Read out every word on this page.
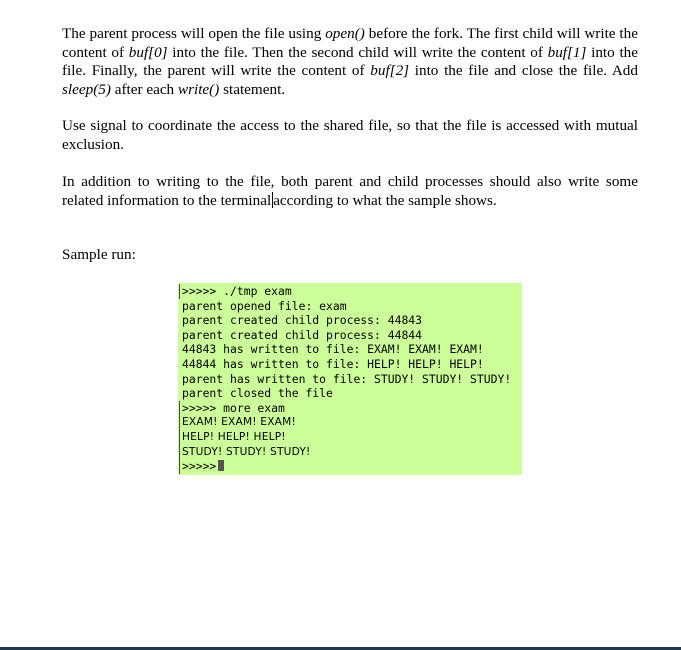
The parent process will open the file using open() before the fork. The first child will write the content of buf[0] into the file. Then the second child will write the content of buf[1] into the file. Finally, the parent will write the content of buf[2] into the file and close the file. Add sleep(5) after each write() statement.

Use signal to coordinate the access to the shared file, so that the file is accessed with mutual exclusion.

In addition to writing to the file, both parent and child processes should also write some related information to the terminal according to what the sample shows.

Sample run:

>>>>> ./tmp exam
parent opened file: exam
parent created child process: 44843
parent created child process: 44844
44843 has written to file: EXAM! EXAM! EXAM!
44844 has written to file: HELP! HELP! HELP!
parent has written to file: STUDY! STUDY! STUDY!
parent closed the file
>>>>> more exam
EXAM! EXAM! EXAM!
HELP! HELP! HELP!
STUDY! STUDY! STUDY!
>>>>>
